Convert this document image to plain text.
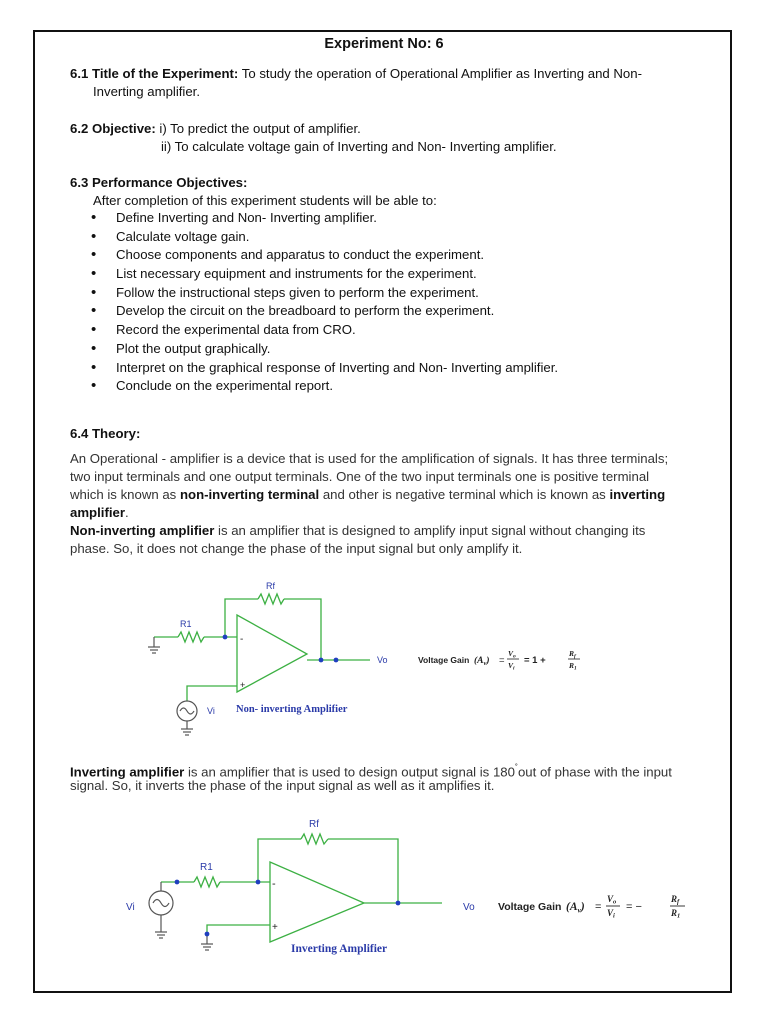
Experiment No: 6
6.1 Title of the Experiment: To study the operation of Operational Amplifier as Inverting and Non-
Inverting amplifier.
6.2 Objective: i) To predict the output of amplifier.
ii) To calculate voltage gain of Inverting and Non- Inverting amplifier.
6.3 Performance Objectives:
After completion of this experiment students will be able to:
• Define Inverting and Non- Inverting amplifier.
• Calculate voltage gain.
• Choose components and apparatus to conduct the experiment.
• List necessary equipment and instruments for the experiment.
• Follow the instructional steps given to perform the experiment.
• Develop the circuit on the breadboard to perform the experiment.
• Record the experimental data from CRO.
• Plot the output graphically.
• Interpret on the graphical response of Inverting and Non- Inverting amplifier.
• Conclude on the experimental report.
6.4 Theory:
An Operational - amplifier is a device that is used for the amplification of signals. It has three terminals;
two input terminals and one output terminals. One of the two input terminals one is positive terminal
which is known as non-inverting terminal and other is negative terminal which is known as inverting
amplifier.
Non-inverting amplifier is an amplifier that is designed to amplify input signal without changing its
phase. So, it does not change the phase of the input signal but only amplify it.
Rf
R1
-
+
Vo
Vi Non- inverting Amplifier
Voltage Gain $(A_v)$ =
$V_o$
$V_i$
= 1 +
$R_f$
$R_1$
Inverting amplifier is an amplifier that is used to design output signal is 180˚out of phase with the input
signal. So, it inverts the phase of the input signal as well as it amplifies it.
Rf
R1
-
+
Vi	Vo
Inverting Amplifier
Voltage Gain $(A_v)$ =
Vo
Vi
= −
Rf
R1
